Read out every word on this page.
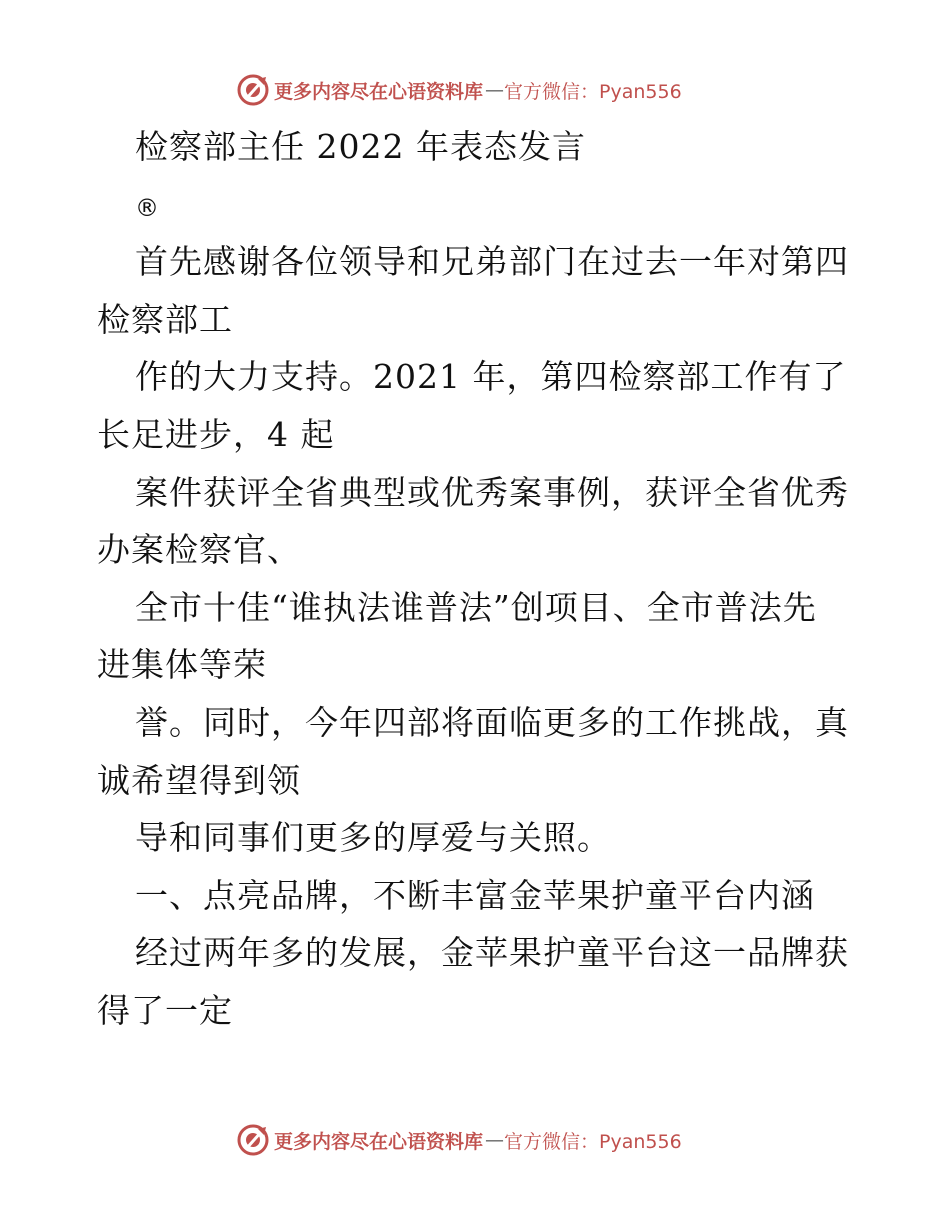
更多内容尽在心语资料库 — 官方微信：Pyan556
检察部主任 2022 年表态发言
®
首先感谢各位领导和兄弟部门在过去一年对第四
检察部工
作的大力支持。2021 年，第四检察部工作有了
长足进步，4 起
案件获评全省典型或优秀案事例，获评全省优秀
办案检察官、
全市十佳“谁执法谁普法”创项目、全市普法先
进集体等荣
誉。同时，今年四部将面临更多的工作挑战，真
诚希望得到领
导和同事们更多的厚爱与关照。
一、点亮品牌，不断丰富金苹果护童平台内涵
经过两年多的发展，金苹果护童平台这一品牌获
得了一定
更多内容尽在心语资料库 — 官方微信：Pyan556
